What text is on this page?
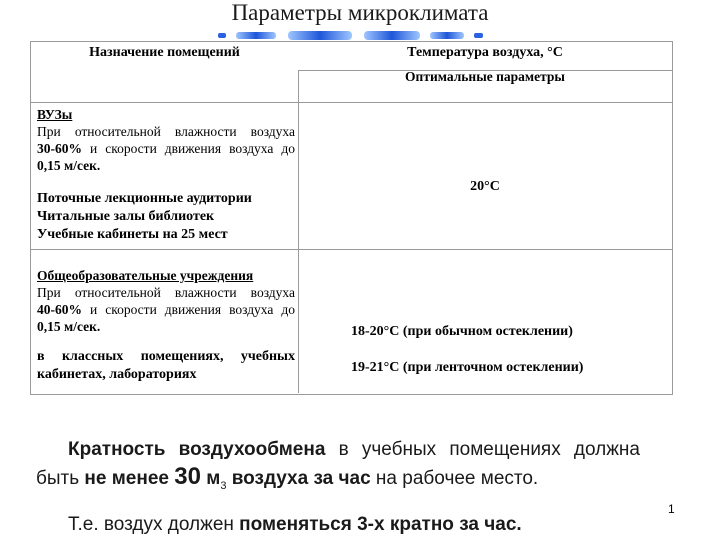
Параметры микроклимата
Назначение помещений	Температура воздуха, °С
Оптимальные параметры

ВУЗы

При относительной влажности воздуха

30-60% и скорости движения воздуха до

0,15 м/сек.

Поточные лекционные аудитории

Читальные залы библиотек

Учебные кабинеты на 25 мест

20°С

Общеобразовательные учреждения

При относительной влажности воздуха

40-60% и скорости движения воздуха до

0,15 м/сек.

в классных помещениях, учебных кабинетах, лабораториях

18-20°С (при обычном остеклении)
19-21°С (при ленточном остеклении)
Кратность воздухообмена в учебных помещениях должна быть не менее 30 $м_3$ воздуха за час на рабочее место.
Т.е. воздух должен поменяться 3-х кратно за час.
1
